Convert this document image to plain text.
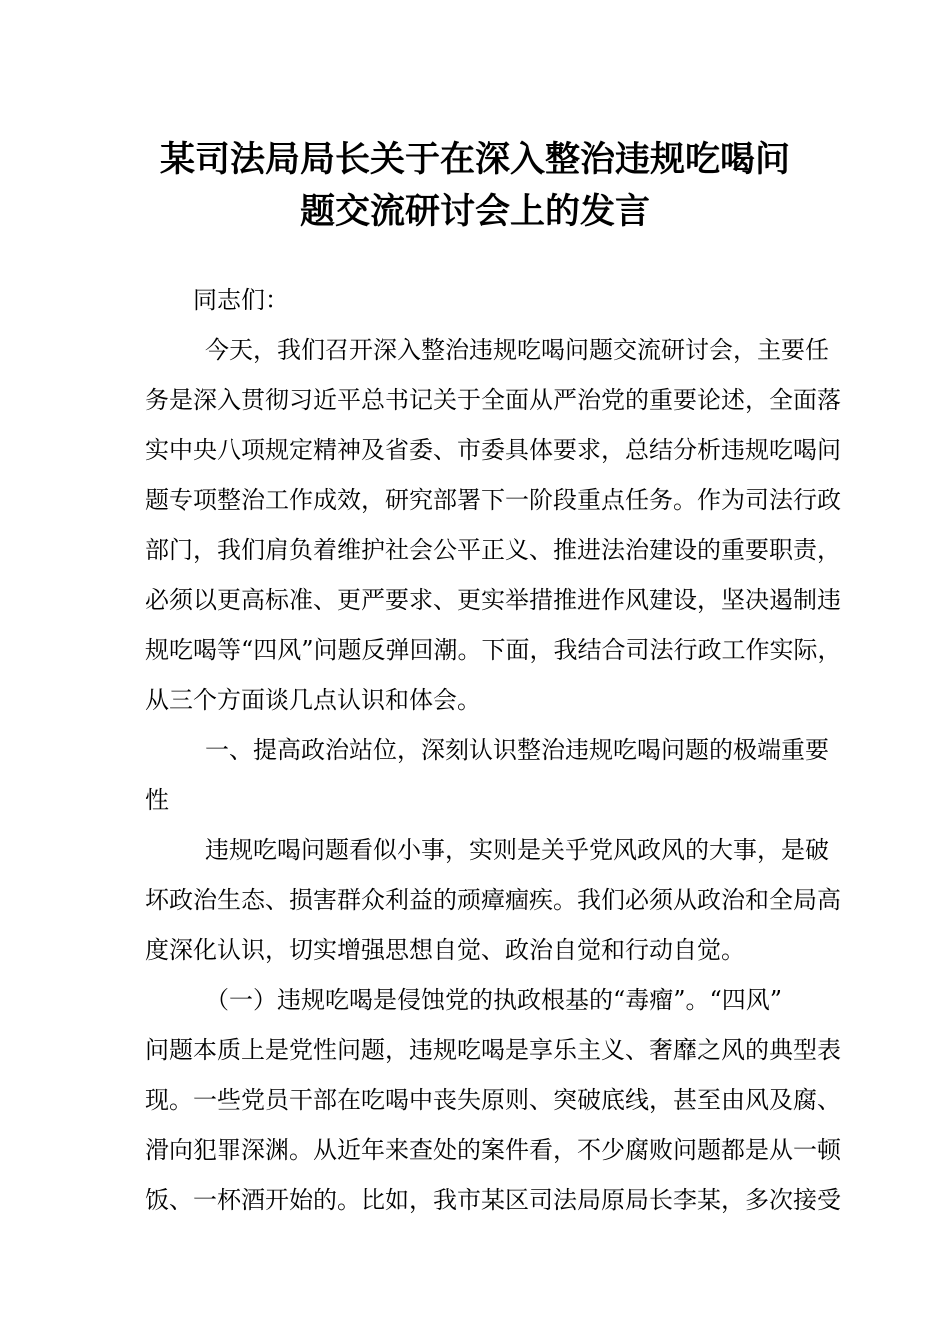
某司法局局长关于在深入整治违规吃喝问
题交流研讨会上的发言
同志们：
今天，我们召开深入整治违规吃喝问题交流研讨会，主要任
务是深入贯彻习近平总书记关于全面从严治党的重要论述，全面落
实中央八项规定精神及省委、市委具体要求，总结分析违规吃喝问
题专项整治工作成效，研究部署下一阶段重点任务。作为司法行政
部门，我们肩负着维护社会公平正义、推进法治建设的重要职责，
必须以更高标准、更严要求、更实举措推进作风建设，坚决遏制违
规吃喝等“四风”问题反弹回潮。下面，我结合司法行政工作实际，
从三个方面谈几点认识和体会。
一、提高政治站位，深刻认识整治违规吃喝问题的极端重要
性
违规吃喝问题看似小事，实则是关乎党风政风的大事，是破
坏政治生态、损害群众利益的顽瘴痼疾。我们必须从政治和全局高
度深化认识，切实增强思想自觉、政治自觉和行动自觉。
（一）违规吃喝是侵蚀党的执政根基的“毒瘤”。“四风”
问题本质上是党性问题，违规吃喝是享乐主义、奢靡之风的典型表
现。一些党员干部在吃喝中丧失原则、突破底线，甚至由风及腐、
滑向犯罪深渊。从近年来查处的案件看，不少腐败问题都是从一顿
饭、一杯酒开始的。比如，我市某区司法局原局长李某，多次接受
